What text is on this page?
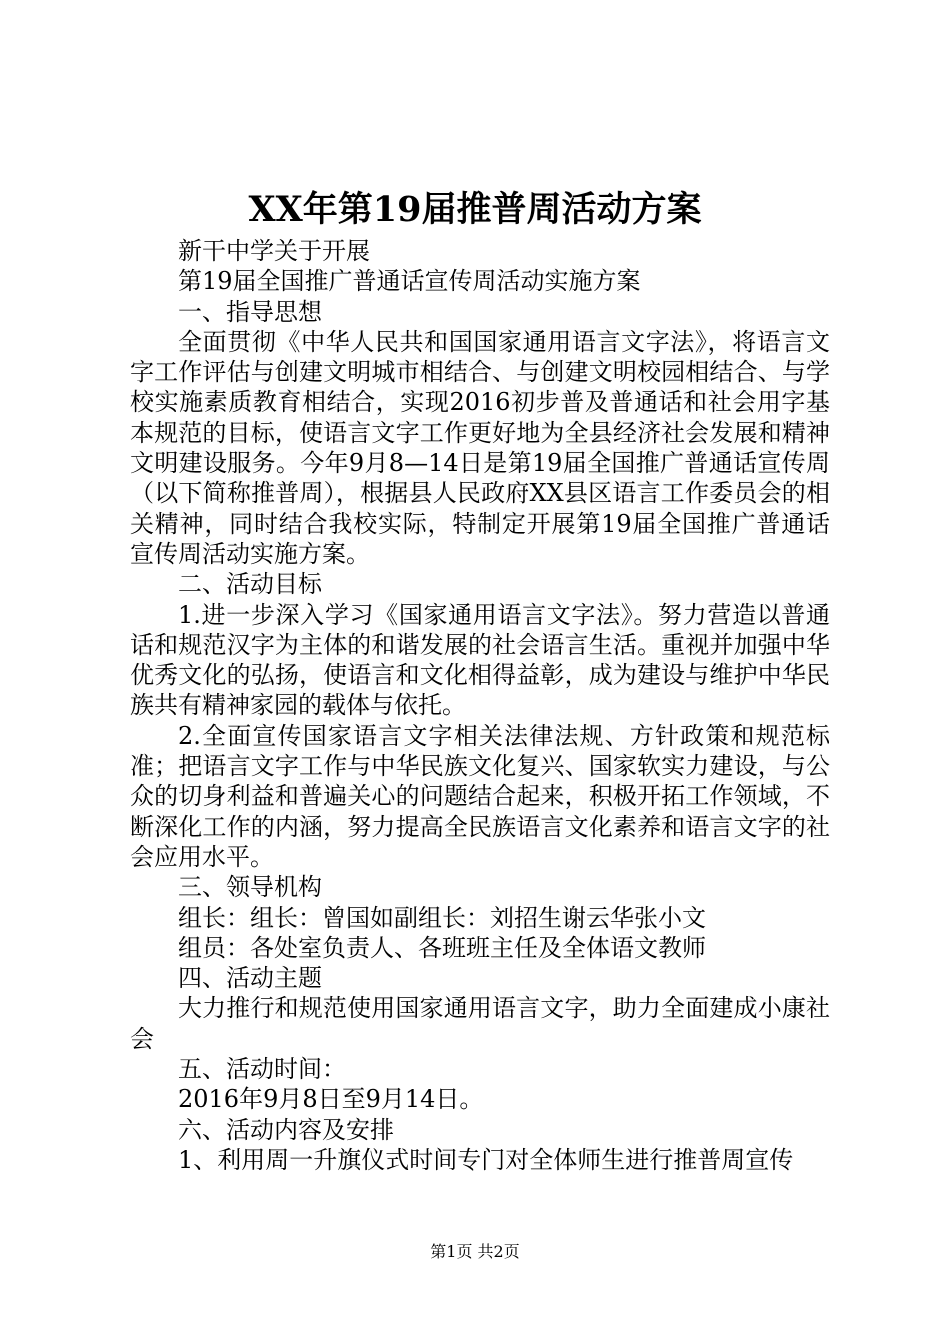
XX年第19届推普周活动方案

新干中学关于开展

第19届全国推广普通话宣传周活动实施方案

一、指导思想

全面贯彻《中华人民共和国国家通用语言文字法》，将语言文字工作评估与创建文明城市相结合、与创建文明校园相结合、与学校实施素质教育相结合，实现2016初步普及普通话和社会用字基本规范的目标，使语言文字工作更好地为全县经济社会发展和精神文明建设服务。今年9月8—14日是第19届全国推广普通话宣传周（以下简称推普周），根据县人民政府XX县区语言工作委员会的相关精神，同时结合我校实际，特制定开展第19届全国推广普通话宣传周活动实施方案。

二、活动目标

1.进一步深入学习《国家通用语言文字法》。努力营造以普通话和规范汉字为主体的和谐发展的社会语言生活。重视并加强中华优秀文化的弘扬，使语言和文化相得益彰，成为建设与维护中华民族共有精神家园的载体与依托。

2.全面宣传国家语言文字相关法律法规、方针政策和规范标准；把语言文字工作与中华民族文化复兴、国家软实力建设，与公众的切身利益和普遍关心的问题结合起来，积极开拓工作领域，不断深化工作的内涵，努力提高全民族语言文化素养和语言文字的社会应用水平。

三、领导机构

组长：组长：曾国如副组长：刘招生谢云华张小文

组员：各处室负责人、各班班主任及全体语文教师

四、活动主题

大力推行和规范使用国家通用语言文字，助力全面建成小康社会

五、活动时间：

2016年9月8日至9月14日。

六、活动内容及安排

1、利用周一升旗仪式时间专门对全体师生进行推普周宣传

第1页 共2页
